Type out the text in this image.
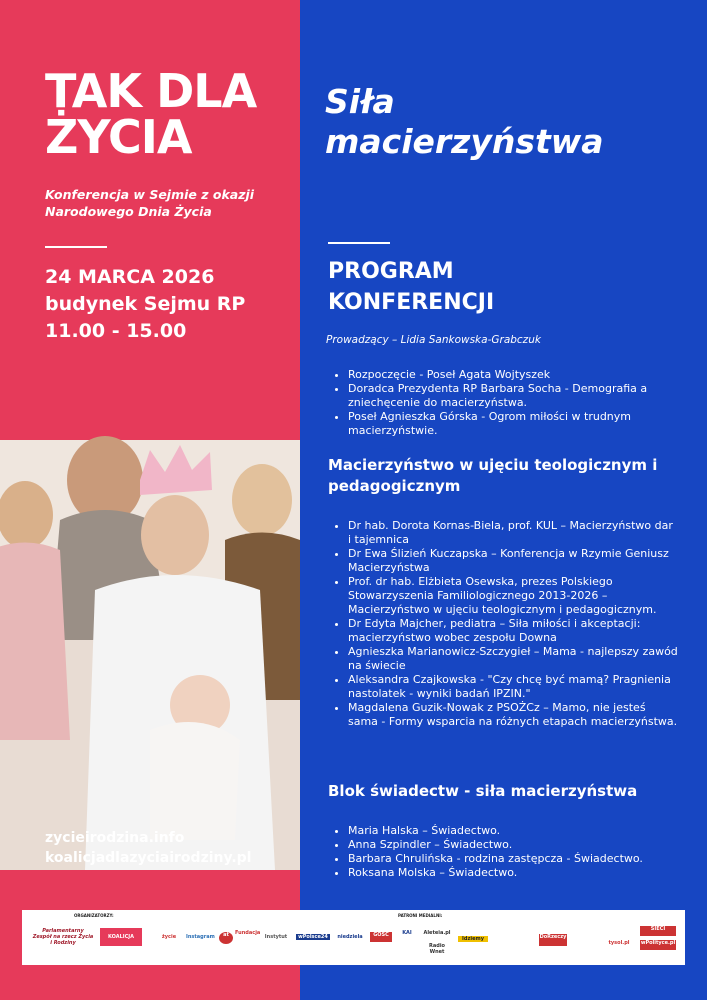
TAK DLA
ŻYCIA
Konferencja w Sejmie z okazji Narodowego Dnia Życia
24 MARCA 2026
budynek Sejmu RP
11.00 - 15.00
zycieirodzina.info
koalicjadlazyciairodziny.pl
Siła
macierzyństwa
PROGRAM
KONFERENCJI
Prowadzący – Lidia Sankowska-Grabczuk
• Rozpoczęcie - Poseł Agata Wojtyszek
• Doradca Prezydenta RP Barbara Socha - Demografia a zniechęcenie do macierzyństwa.
• Poseł Agnieszka Górska - Ogrom miłości w trudnym macierzyństwie.
Macierzyństwo w ujęciu teologicznym i pedagogicznym
• Dr hab. Dorota Kornas-Biela, prof. KUL – Macierzyństwo dar i tajemnica
• Dr Ewa Ślizień Kuczapska – Konferencja w Rzymie Geniusz Macierzyństwa
• Prof. dr hab. Elżbieta Osewska, prezes Polskiego Stowarzyszenia Familiologicznego 2013-2026 – Macierzyństwo w ujęciu teologicznym i pedagogicznym.
• Dr Edyta Majcher, pediatra – Siła miłości i akceptacji: macierzyństwo wobec zespołu Downa
• Agnieszka Marianowicz-Szczygieł – Mama - najlepszy zawód na świecie
• Aleksandra Czajkowska - "Czy chcę być mamą? Pragnienia nastolatek - wyniki badań IPZIN."
• Magdalena Guzik-Nowak z PSOŻCz – Mamo, nie jesteś sama - Formy wsparcia na różnych etapach macierzyństwa.
Blok świadectw - siła macierzyństwa
• Maria Halska – Świadectwo.
• Anna Szpindler – Świadectwo.
• Barbara Chrulińska - rodzina zastępcza - Świadectwo.
• Roksana Molska – Świadectwo.
ORGANIZATORZY:	PATRONI MEDIALNI:
Parlamentarny Zespół na rzecz Życia i Rodziny
KOALICJA	życie	Instagram	at	Fundacja
Instytut	wPolsce24	niedziela	GOŚĆ	KAI	Aleteia.pl
Radio Wnet
Idziemy	DoRzeczy
tysol.pl
SIECI
wPolityce.pl
